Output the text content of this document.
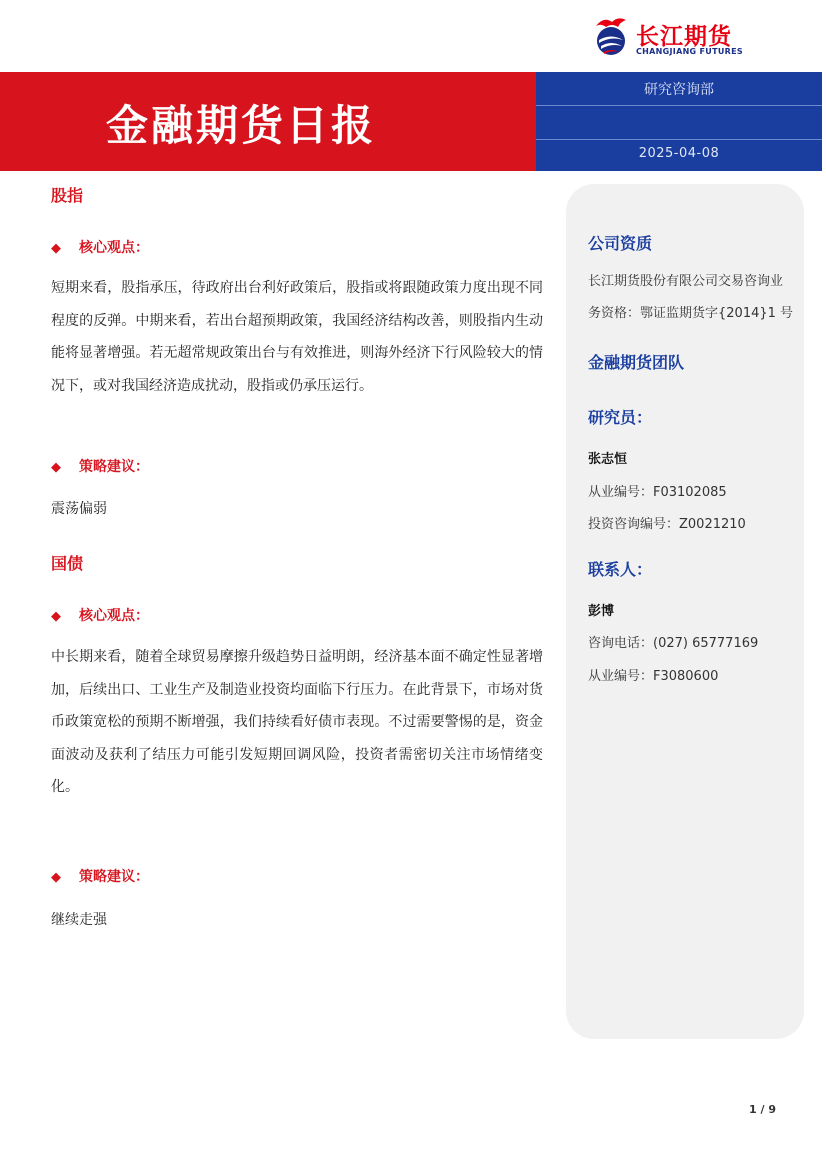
长江期货
CHANGJIANG FUTURES
金融期货日报
研究咨询部
2025-04-08
股指
◆ 核心观点：
短期来看，股指承压，待政府出台利好政策后，股指或将跟随政策力度出现不同程度的反弹。中期来看，若出台超预期政策，我国经济结构改善，则股指内生动能将显著增强。若无超常规政策出台与有效推进，则海外经济下行风险较大的情况下，或对我国经济造成扰动，股指或仍承压运行。
◆ 策略建议：
震荡偏弱
国债
◆ 核心观点：
中长期来看，随着全球贸易摩擦升级趋势日益明朗，经济基本面不确定性显著增加，后续出口、工业生产及制造业投资均面临下行压力。在此背景下，市场对货币政策宽松的预期不断增强，我们持续看好债市表现。不过需要警惕的是，资金面波动及获利了结压力可能引发短期回调风险，投资者需密切关注市场情绪变化。
◆ 策略建议：
继续走强
公司资质
长江期货股份有限公司交易咨询业
务资格：鄂证监期货字{2014}1 号
金融期货团队
研究员：
张志恒
从业编号：F03102085
投资咨询编号：Z0021210
联系人：
彭博
咨询电话：(027) 65777169
从业编号：F3080600
1 / 9
